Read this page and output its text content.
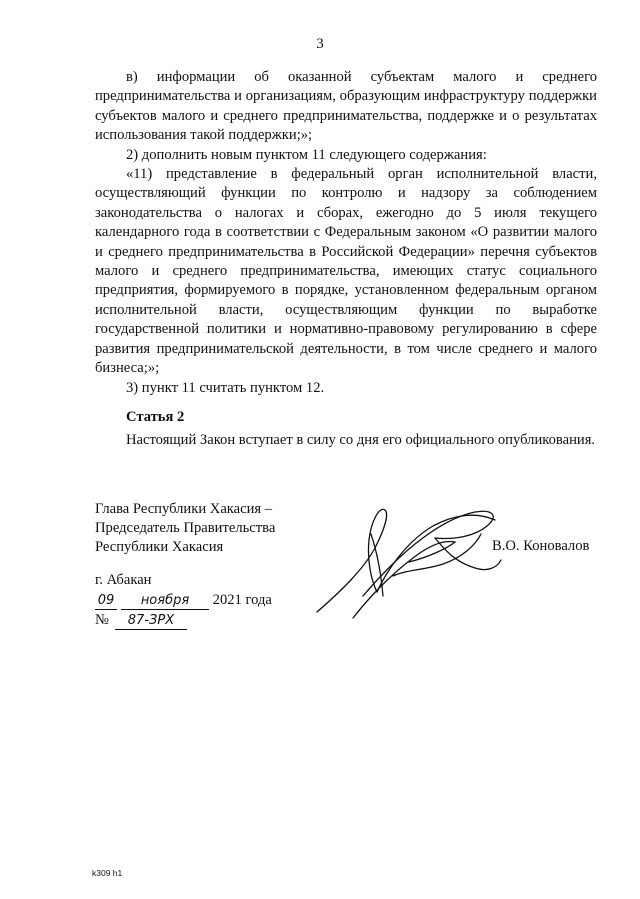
3

в) информации об оказанной субъектам малого и среднего предпринимательства и организациям, образующим инфраструктуру поддержки субъектов малого и среднего предпринимательства, поддержке и о результатах использования такой поддержки;»;

2) дополнить новым пунктом 11 следующего содержания:

«11) представление в федеральный орган исполнительной власти, осуществляющий функции по контролю и надзору за соблюдением законодательства о налогах и сборах, ежегодно до 5 июля текущего календарного года в соответствии с Федеральным законом «О развитии малого и среднего предпринимательства в Российской Федерации» перечня субъектов малого и среднего предпринимательства, имеющих статус социального предприятия, формируемого в порядке, установленном федеральным органом исполнительной власти, осуществляющим функции по выработке государственной политики и нормативно-правовому регулированию в сфере развития предпринимательской деятельности, в том числе среднего и малого бизнеса;»;

3) пункт 11 считать пунктом 12.

Статья 2

Настоящий Закон вступает в силу со дня его официального опубликования.

Глава Республики Хакасия –
Председатель Правительства
Республики Хакасия	В.О. Коновалов
г. Абакан
09 ноября 2021 года
№ 87-ЗРХ
k309 h1
